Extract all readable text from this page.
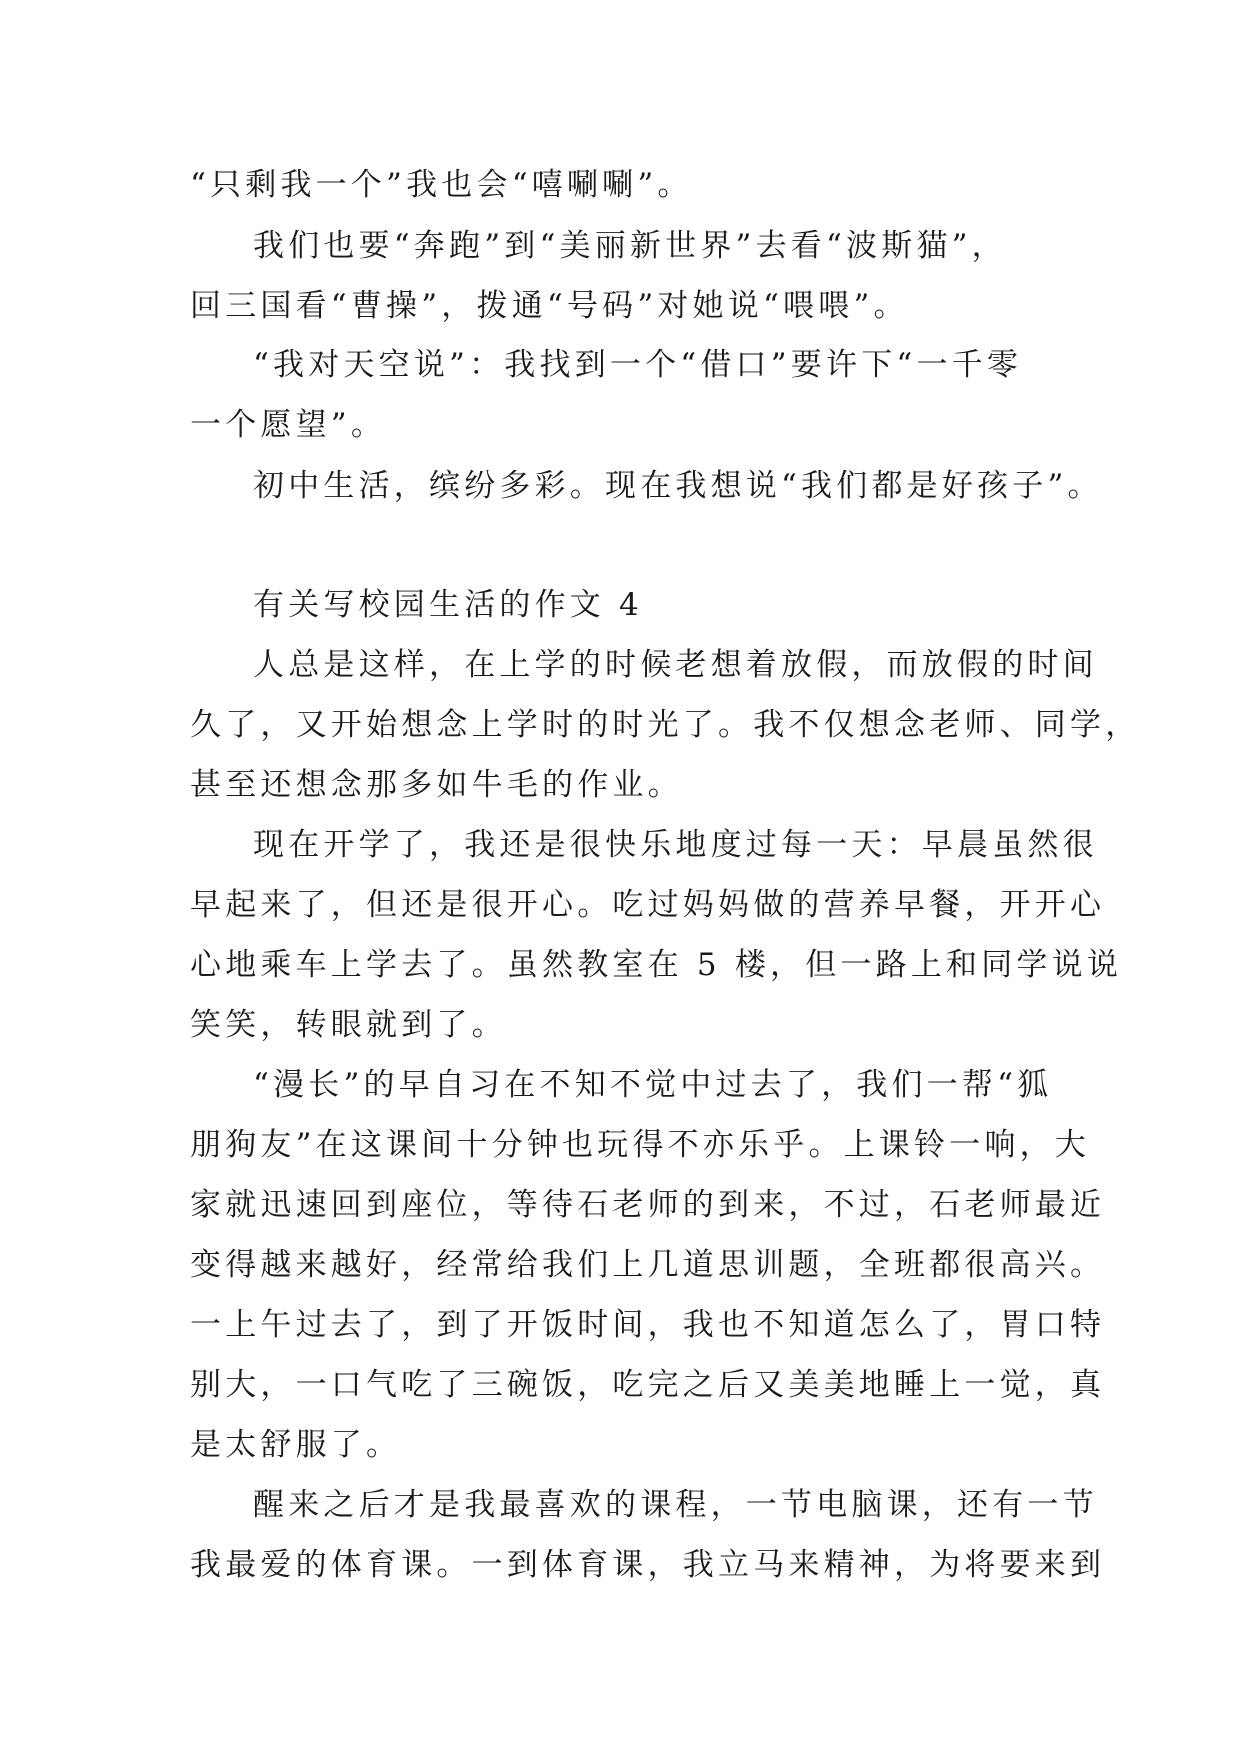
“只剩我一个”我也会“嘻唰唰”。
我们也要“奔跑”到“美丽新世界”去看“波斯猫”，
回三国看“曹操”，拨通“号码”对她说“喂喂”。
“我对天空说”：我找到一个“借口”要许下“一千零
一个愿望”。
初中生活，缤纷多彩。现在我想说“我们都是好孩子”。
有关写校园生活的作文 4
人总是这样，在上学的时候老想着放假，而放假的时间
久了，又开始想念上学时的时光了。我不仅想念老师、同学，
甚至还想念那多如牛毛的作业。
现在开学了，我还是很快乐地度过每一天：早晨虽然很
早起来了，但还是很开心。吃过妈妈做的营养早餐，开开心
心地乘车上学去了。虽然教室在 5 楼，但一路上和同学说说
笑笑，转眼就到了。
“漫长”的早自习在不知不觉中过去了，我们一帮“狐
朋狗友”在这课间十分钟也玩得不亦乐乎。上课铃一响，大
家就迅速回到座位，等待石老师的到来，不过，石老师最近
变得越来越好，经常给我们上几道思训题，全班都很高兴。
一上午过去了，到了开饭时间，我也不知道怎么了，胃口特
别大，一口气吃了三碗饭，吃完之后又美美地睡上一觉，真
是太舒服了。
醒来之后才是我最喜欢的课程，一节电脑课，还有一节
我最爱的体育课。一到体育课，我立马来精神，为将要来到
